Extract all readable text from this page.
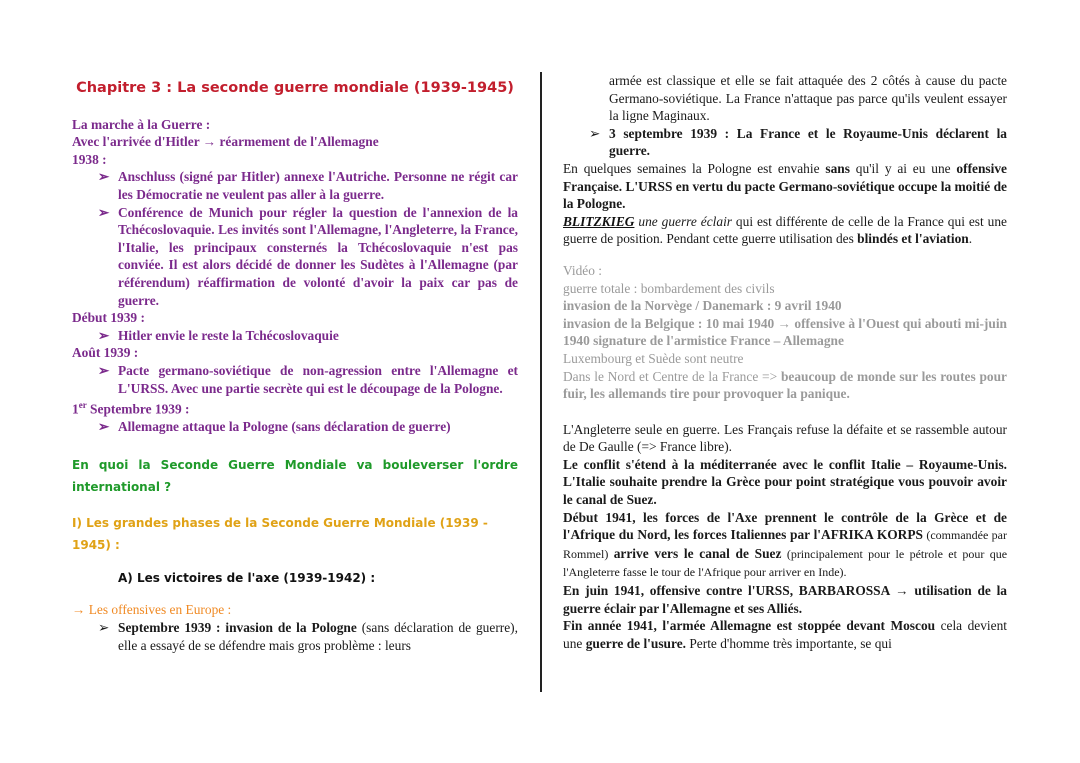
Chapitre 3 : La seconde guerre mondiale (1939-1945)

La marche à la Guerre :

Avec l'arrivée d'Hitler → réarmement de l'Allemagne

1938 :

➢ Anschluss (signé par Hitler) annexe l'Autriche. Personne ne régit car les Démocratie ne veulent pas aller à la guerre.

➢ Conférence de Munich pour régler la question de l'annexion de la Tchécoslovaquie. Les invités sont l'Allemagne, l'Angleterre, la France, l'Italie, les principaux consternés la Tchécoslovaquie n'est pas conviée. Il est alors décidé de donner les Sudètes à l'Allemagne (par référendum) réaffirmation de volonté d'avoir la paix car pas de guerre.

Début 1939 :

➢ Hitler envie le reste la Tchécoslovaquie

Août 1939 :

➢ Pacte germano-soviétique de non-agression entre l'Allemagne et L'URSS. Avec une partie secrète qui est le découpage de la Pologne.

1er Septembre 1939 :

➢ Allemagne attaque la Pologne (sans déclaration de guerre)

En quoi la Seconde Guerre Mondiale va bouleverser l'ordre international ?

I) Les grandes phases de la Seconde Guerre Mondiale (1939 - 1945) :

A) Les victoires de l'axe (1939-1942) :

→ Les offensives en Europe :

➢ Septembre 1939 : invasion de la Pologne (sans déclaration de guerre), elle a essayé de se défendre mais gros problème : leurs

armée est classique et elle se fait attaquée des 2 côtés à cause du pacte Germano-soviétique. La France n'attaque pas parce qu'ils veulent essayer la ligne Maginaux.

➢ 3 septembre 1939 : La France et le Royaume-Unis déclarent la guerre.

En quelques semaines la Pologne est envahie sans qu'il y ai eu une offensive Française. L'URSS en vertu du pacte Germano-soviétique occupe la moitié de la Pologne.

BLITZKIEG une guerre éclair qui est différente de celle de la France qui est une guerre de position. Pendant cette guerre utilisation des blindés et l'aviation.

Vidéo :

guerre totale : bombardement des civils

invasion de la Norvège / Danemark : 9 avril 1940

invasion de la Belgique : 10 mai 1940 → offensive à l'Ouest qui abouti mi-juin 1940 signature de l'armistice France – Allemagne

Luxembourg et Suède sont neutre

Dans le Nord et Centre de la France => beaucoup de monde sur les routes pour fuir, les allemands tire pour provoquer la panique.

L'Angleterre seule en guerre. Les Français refuse la défaite et se rassemble autour de De Gaulle (=> France libre).

Le conflit s'étend à la méditerranée avec le conflit Italie – Royaume-Unis. L'Italie souhaite prendre la Grèce pour point stratégique vous pouvoir avoir le canal de Suez.

Début 1941, les forces de l'Axe prennent le contrôle de la Grèce et de l'Afrique du Nord, les forces Italiennes par l'AFRIKA KORPS (commandée par Rommel) arrive vers le canal de Suez (principalement pour le pétrole et pour que l'Angleterre fasse le tour de l'Afrique pour arriver en Inde).

En juin 1941, offensive contre l'URSS, BARBAROSSA → utilisation de la guerre éclair par l'Allemagne et ses Alliés.

Fin année 1941, l'armée Allemagne est stoppée devant Moscou cela devient une guerre de l'usure. Perte d'homme très importante, se qui
